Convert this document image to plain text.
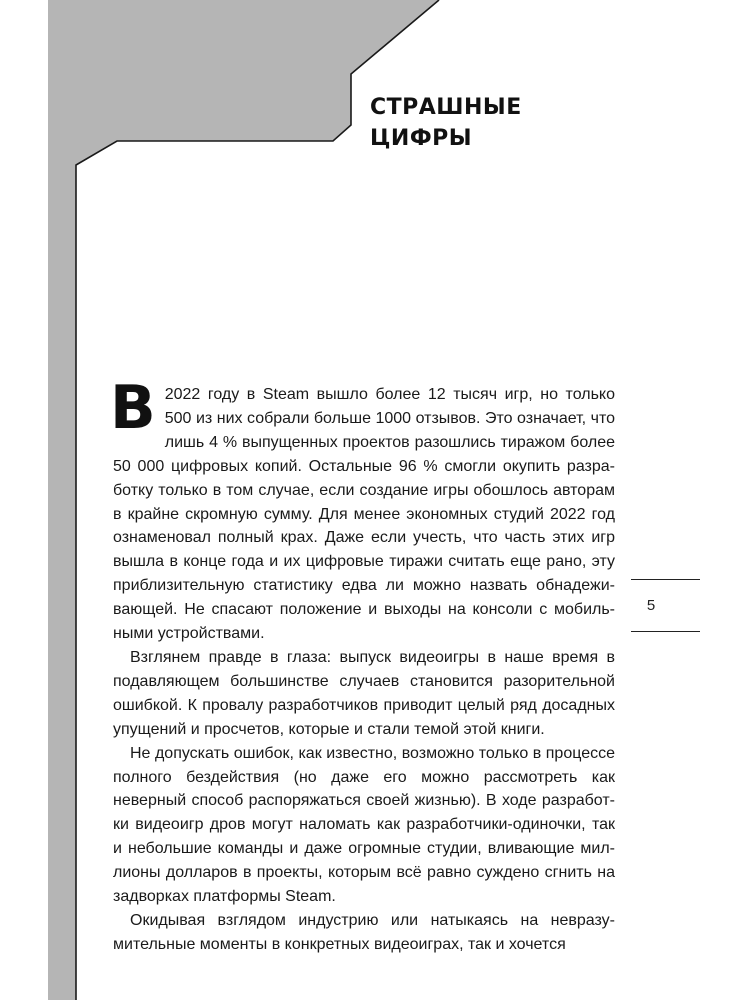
СТРАШНЫЕ
ЦИФРЫ

В 2022 году в Steam вышло более 12 тысяч игр, но только 500 из них собрали больше 1000 отзывов. Это означает, что лишь 4 % выпущенных проектов разошлись тиражом более 50 000 цифровых копий. Остальные 96 % смогли окупить разработку только в том случае, если создание игры обошлось авторам в крайне скромную сумму. Для менее экономных студий 2022 год ознаменовал полный крах. Даже если учесть, что часть этих игр вышла в конце года и их цифровые тиражи считать еще рано, эту приблизительную статистику едва ли можно назвать обнадеживающей. Не спасают положение и выходы на консоли с мобильными устройствами.

Взглянем правде в глаза: выпуск видеоигры в наше время в подавляющем большинстве случаев становится разорительной ошибкой. К провалу разработчиков приводит целый ряд досадных упущений и просчетов, которые и стали темой этой книги.

Не допускать ошибок, как известно, возможно только в процессе полного бездействия (но даже его можно рассмотреть как неверный способ распоряжаться своей жизнью). В ходе разработки видеоигр дров могут наломать как разработчики-одиночки, так и небольшие команды и даже огромные студии, вливающие миллионы долларов в проекты, которым всё равно суждено сгнить на задворках платформы Steam.

Окидывая взглядом индустрию или натыкаясь на невразумительные моменты в конкретных видеоиграх, так и хочется

5
